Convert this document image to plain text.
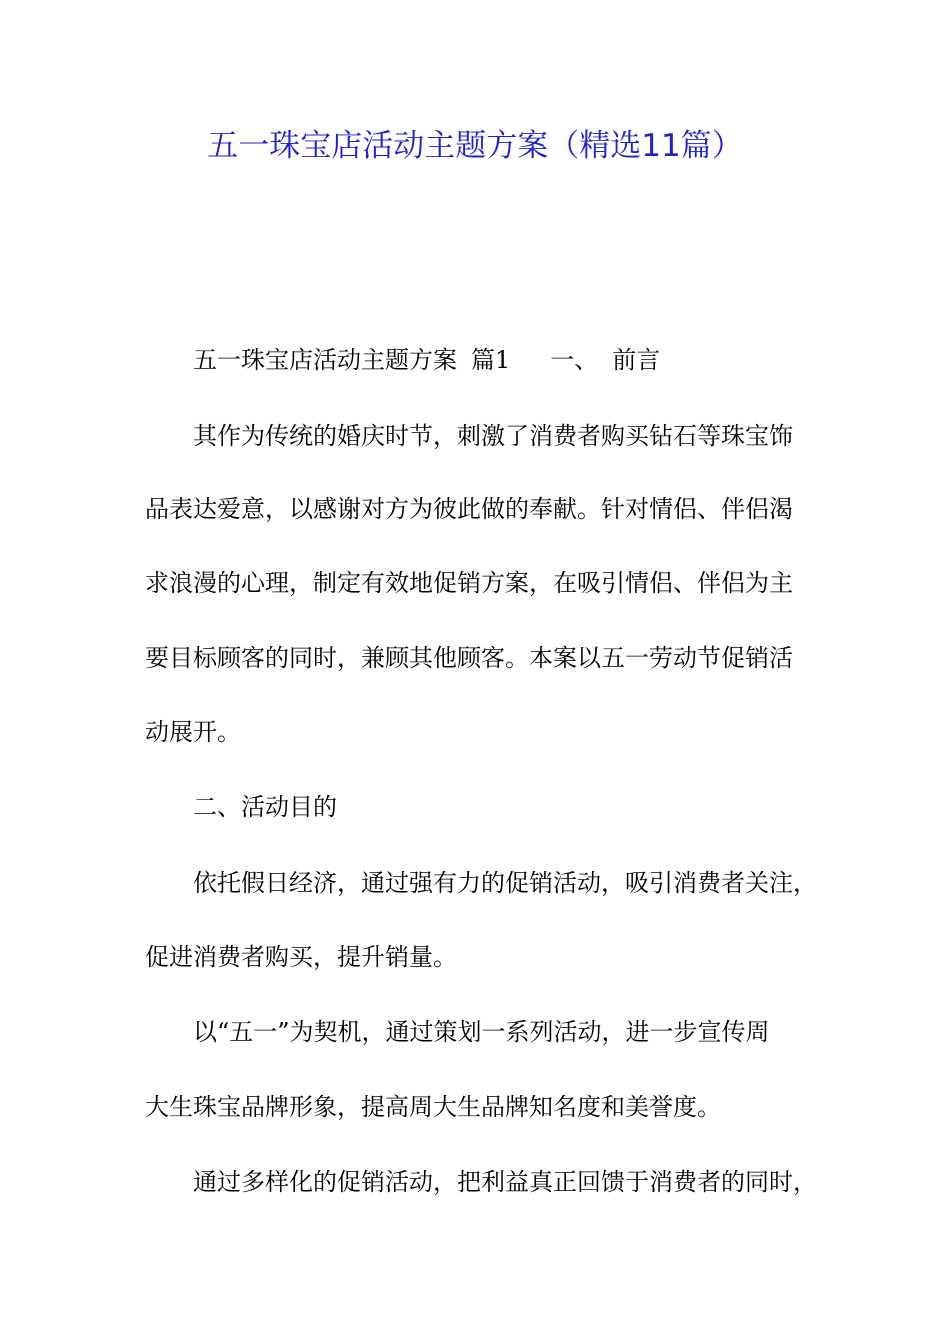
五一珠宝店活动主题方案（精选11篇）
五一珠宝店活动主题方案 篇1 一、 前言
其作为传统的婚庆时节，刺激了消费者购买钻石等珠宝饰
品表达爱意，以感谢对方为彼此做的奉献。针对情侣、伴侣渴
求浪漫的心理，制定有效地促销方案，在吸引情侣、伴侣为主
要目标顾客的同时，兼顾其他顾客。本案以五一劳动节促销活
动展开。
二、活动目的
依托假日经济，通过强有力的促销活动，吸引消费者关注，
促进消费者购买，提升销量。
以“五一”为契机，通过策划一系列活动，进一步宣传周
大生珠宝品牌形象，提高周大生品牌知名度和美誉度。
通过多样化的促销活动，把利益真正回馈于消费者的同时，
